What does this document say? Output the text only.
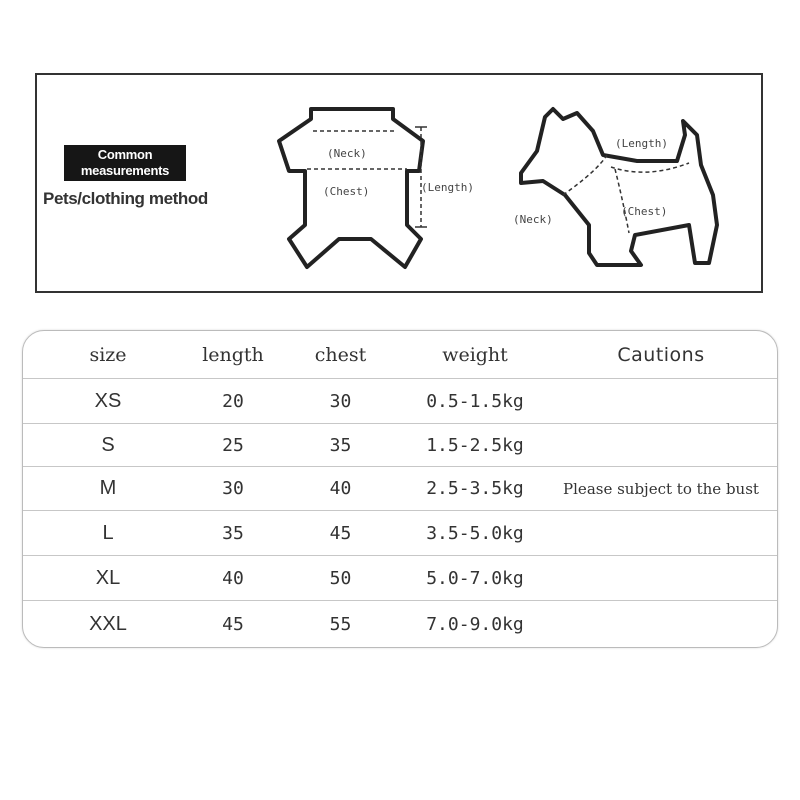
Common
measurements
Pets/clothing method
(Neck)
(Chest)	(Length)
(Length)
(Neck)
(Chest)
size	length	chest	weight	Cautions
XS	20	30	0.5-1.5kg
S	25	35	1.5-2.5kg
M	30	40	2.5-3.5kg	Please subject to the bust
L	35	45	3.5-5.0kg
XL	40	50	5.0-7.0kg
XXL	45	55	7.0-9.0kg
